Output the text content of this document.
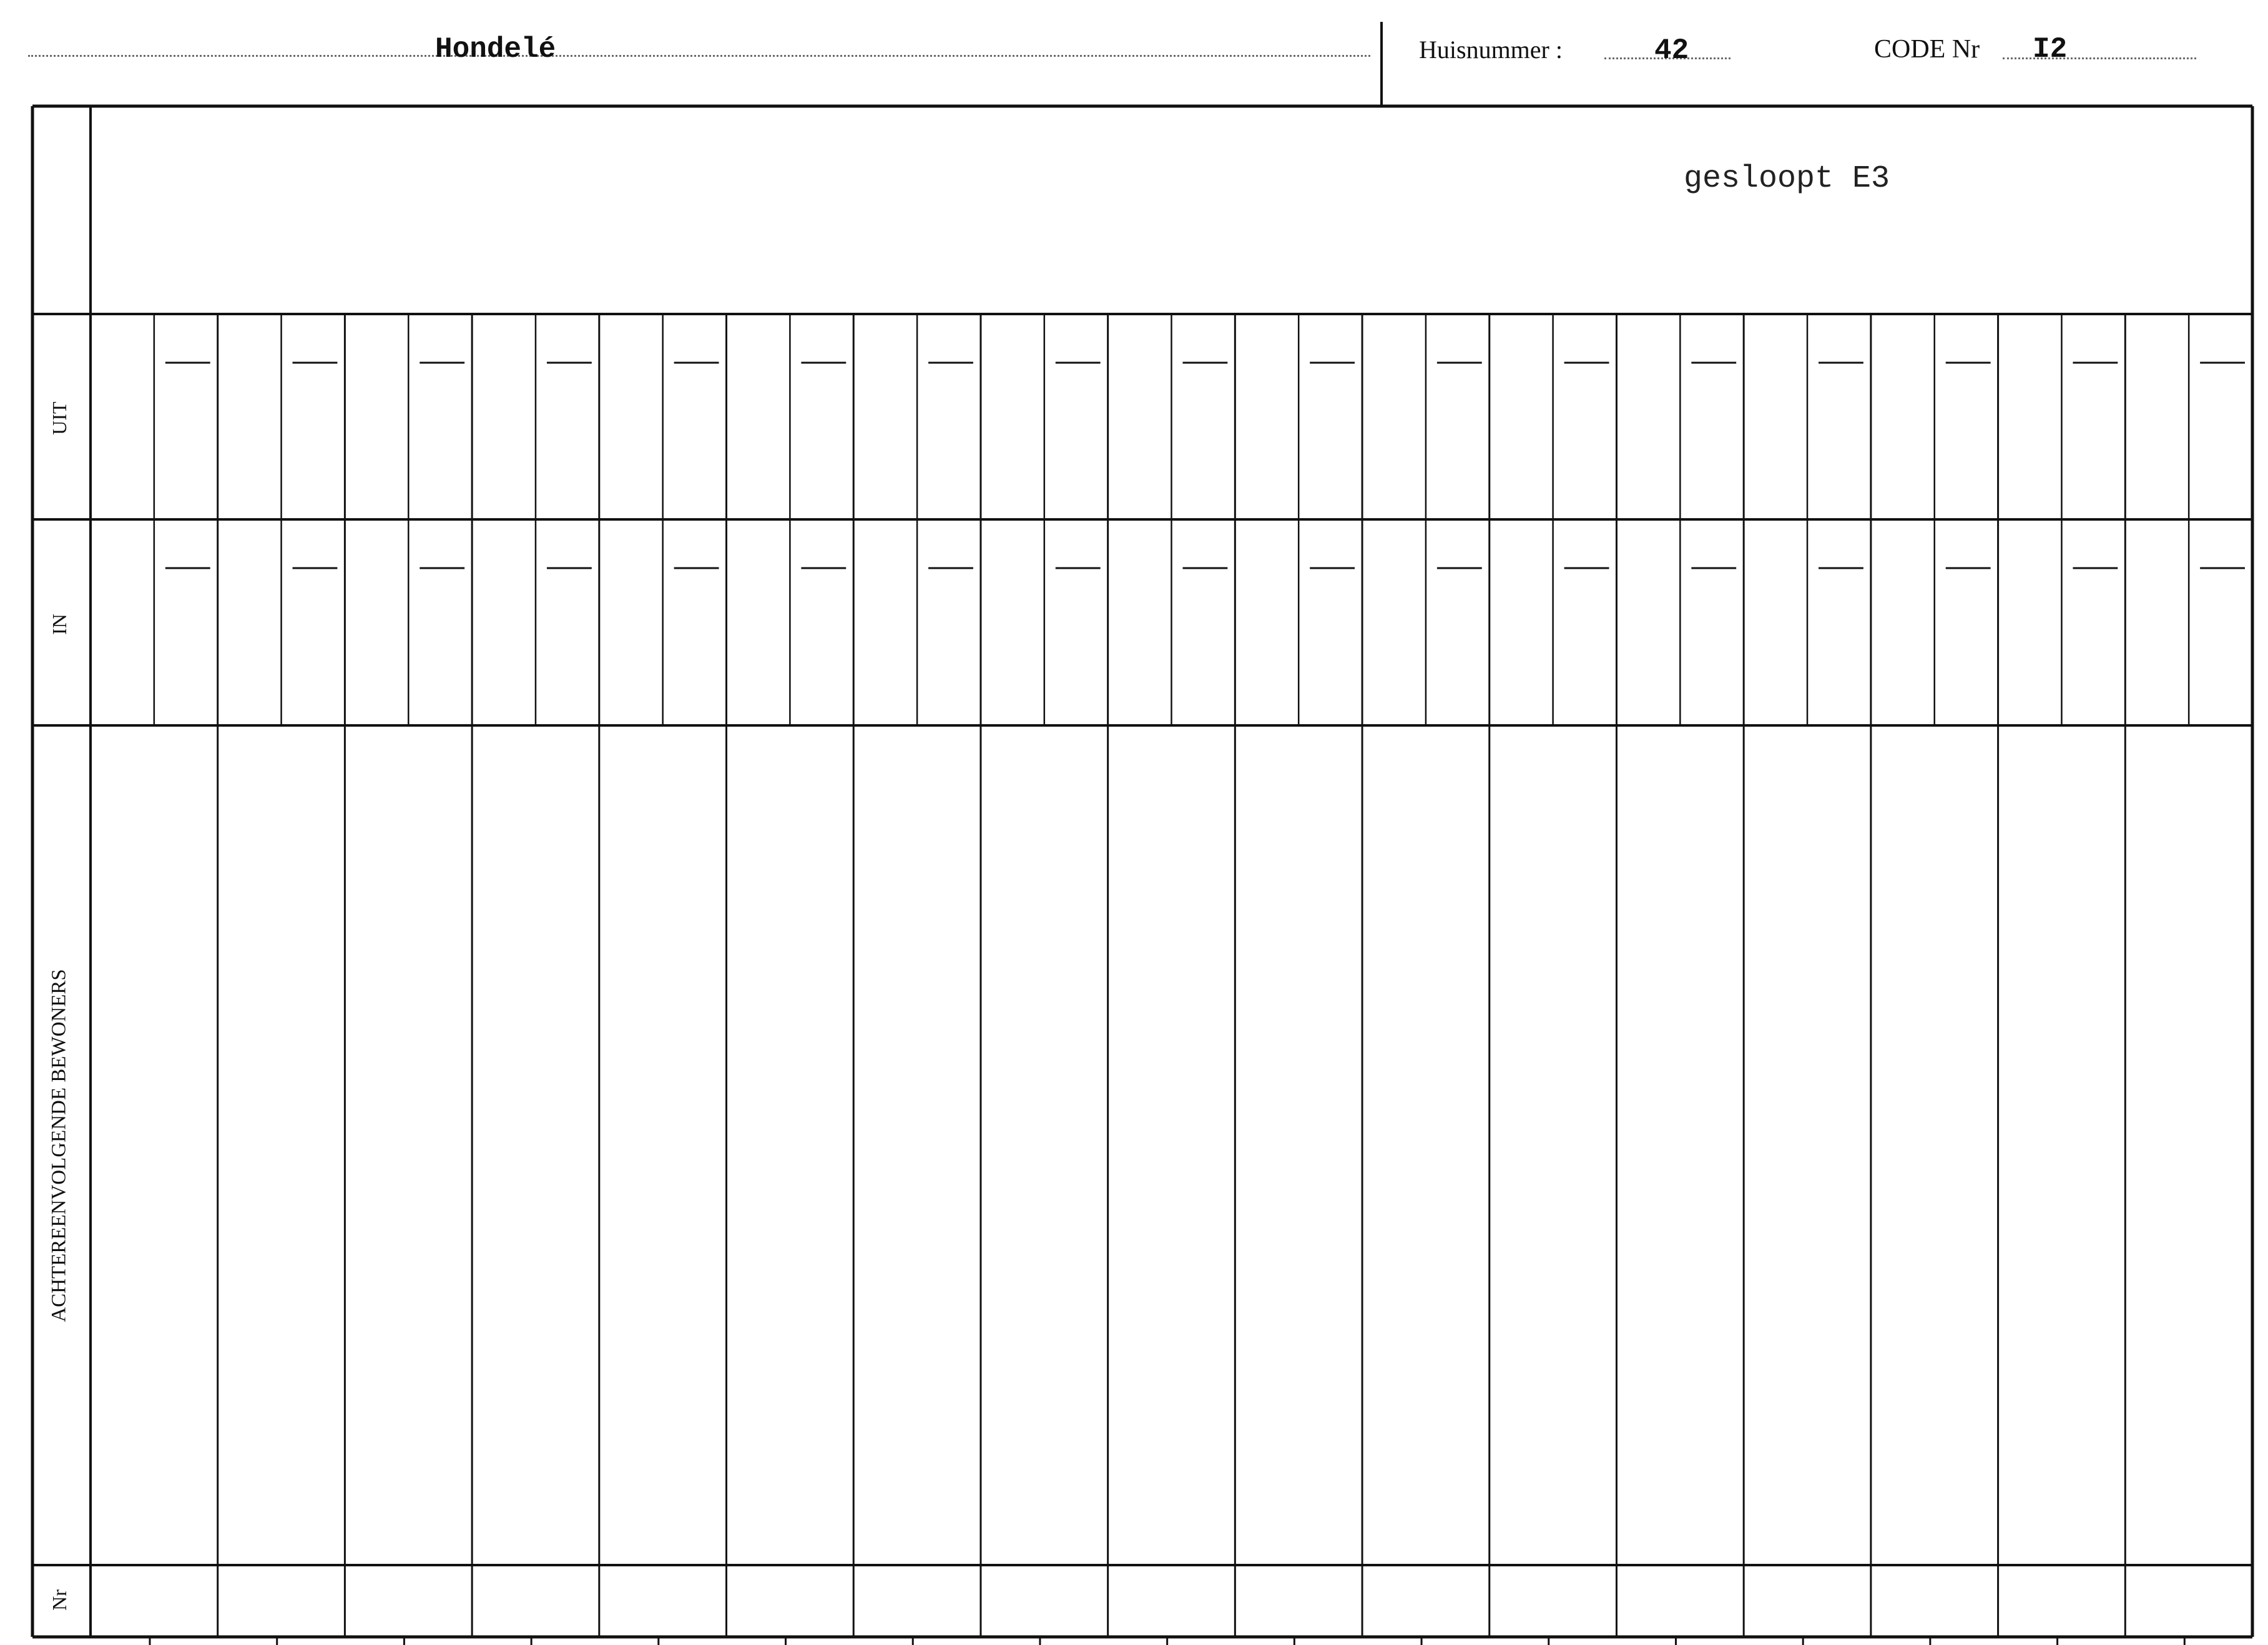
Hondelé	Huisnummer :	42	CODE Nr I2
gesloopt E3
UIT
IN
ACHTEREENVOLGENDE BEWONERS
Nr
